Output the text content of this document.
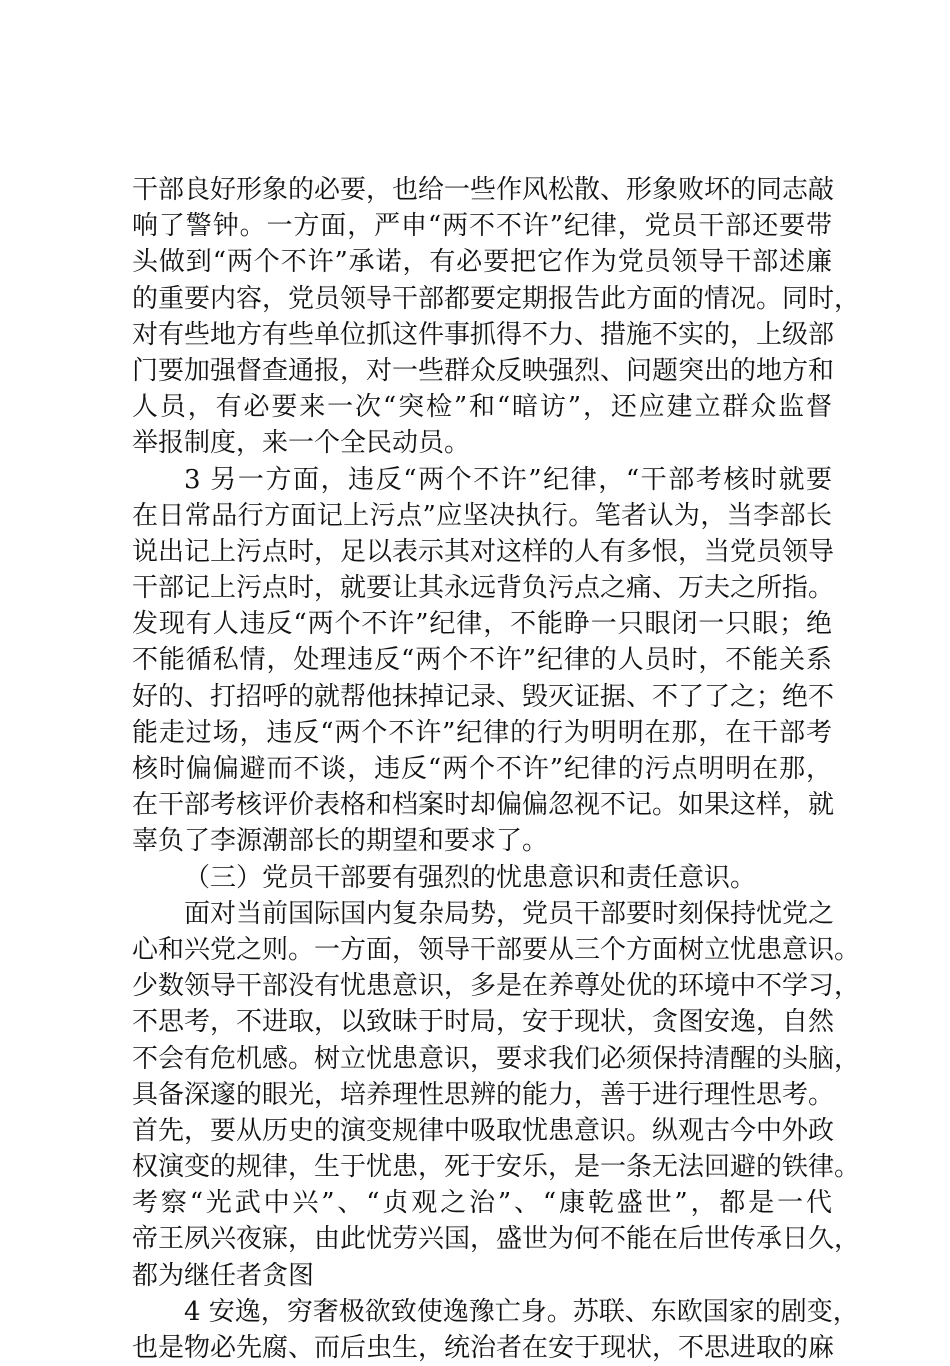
干部良好形象的必要，也给一些作风松散、形象败坏的同志敲
响了警钟。一方面，严申“两不不许”纪律，党员干部还要带
头做到“两个不许”承诺，有必要把它作为党员领导干部述廉
的重要内容，党员领导干部都要定期报告此方面的情况。同时，
对有些地方有些单位抓这件事抓得不力、措施不实的，上级部
门要加强督查通报，对一些群众反映强烈、问题突出的地方和
人员，有必要来一次“突检”和“暗访”，还应建立群众监督
举报制度，来一个全民动员。
3 另一方面，违反“两个不许”纪律，“干部考核时就要
在日常品行方面记上污点”应坚决执行。笔者认为，当李部长
说出记上污点时，足以表示其对这样的人有多恨，当党员领导
干部记上污点时，就要让其永远背负污点之痛、万夫之所指。
发现有人违反“两个不许”纪律，不能睁一只眼闭一只眼；绝
不能循私情，处理违反“两个不许”纪律的人员时，不能关系
好的、打招呼的就帮他抹掉记录、毁灭证据、不了了之；绝不
能走过场，违反“两个不许”纪律的行为明明在那，在干部考
核时偏偏避而不谈，违反“两个不许”纪律的污点明明在那，
在干部考核评价表格和档案时却偏偏忽视不记。如果这样，就
辜负了李源潮部长的期望和要求了。
（三）党员干部要有强烈的忧患意识和责任意识。
面对当前国际国内复杂局势，党员干部要时刻保持忧党之
心和兴党之则。一方面，领导干部要从三个方面树立忧患意识。
少数领导干部没有忧患意识，多是在养尊处优的环境中不学习，
不思考，不进取，以致昧于时局，安于现状，贪图安逸，自然
不会有危机感。树立忧患意识，要求我们必须保持清醒的头脑，
具备深邃的眼光，培养理性思辨的能力，善于进行理性思考。
首先，要从历史的演变规律中吸取忧患意识。纵观古今中外政
权演变的规律，生于忧患，死于安乐，是一条无法回避的铁律。
考察“光武中兴”、“贞观之治”、“康乾盛世”，都是一代
帝王夙兴夜寐，由此忧劳兴国，盛世为何不能在后世传承日久，
都为继任者贪图
4 安逸，穷奢极欲致使逸豫亡身。苏联、东欧国家的剧变，
也是物必先腐、而后虫生，统治者在安于现状，不思进取的麻
